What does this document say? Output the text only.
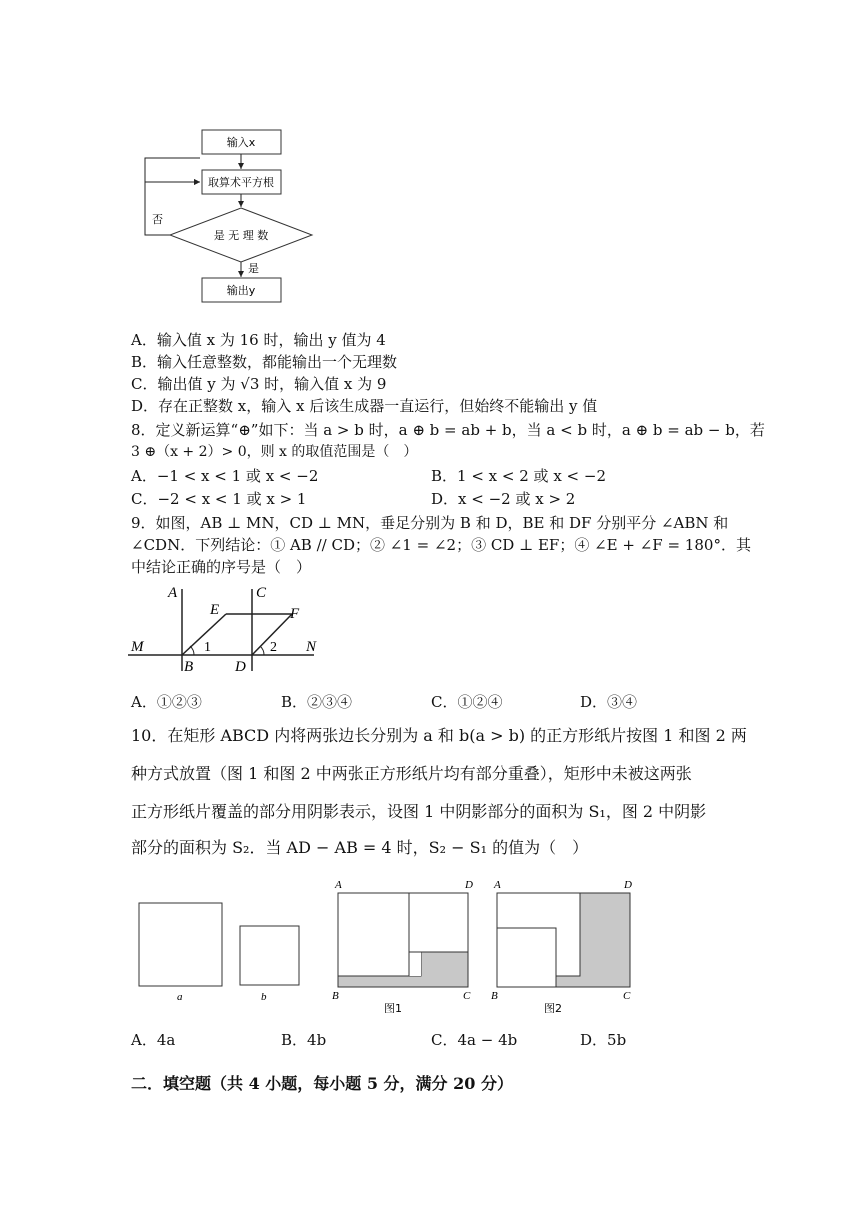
输入x
取算术平方根
是 无 理 数
否
是
输出y
A．输入值 x 为 16 时，输出 y 值为 4
B．输入任意整数，都能输出一个无理数
C．输出值 y 为 √3 时，输入值 x 为 9
D．存在正整数 x，输入 x 后该生成器一直运行，但始终不能输出 y 值
8．定义新运算“⊕”如下：当 a > b 时，a ⊕ b = ab + b，当 a < b 时，a ⊕ b = ab − b，若
3 ⊕（x + 2）> 0，则 x 的取值范围是（　）
A．−1 < x < 1 或 x < −2	B．1 < x < 2 或 x < −2
C．−2 < x < 1 或 x > 1	D．x < −2 或 x > 2
9．如图，AB ⊥ MN，CD ⊥ MN，垂足分别为 B 和 D，BE 和 DF 分别平分 ∠ABN 和
∠CDN．下列结论：① AB // CD；② ∠1 = ∠2；③ CD ⊥ EF；④ ∠E + ∠F = 180°．其
中结论正确的序号是（　）
A	C
E	F
M	N
B	D
1	2
A．①②③	B．②③④	C．①②④	D．③④
10．在矩形 ABCD 内将两张边长分别为 a 和 b(a > b) 的正方形纸片按图 1 和图 2 两
种方式放置（图 1 和图 2 中两张正方形纸片均有部分重叠），矩形中未被这两张
正方形纸片覆盖的部分用阴影表示，设图 1 中阴影部分的面积为 S₁，图 2 中阴影
部分的面积为 S₂．当 AD − AB = 4 时，S₂ − S₁ 的值为（　）
a	b
A	D
B	C
图1
A	D
B	C
图2
A．4a	B．4b	C．4a − 4b	D．5b
二．填空题（共 4 小题，每小题 5 分，满分 20 分）
